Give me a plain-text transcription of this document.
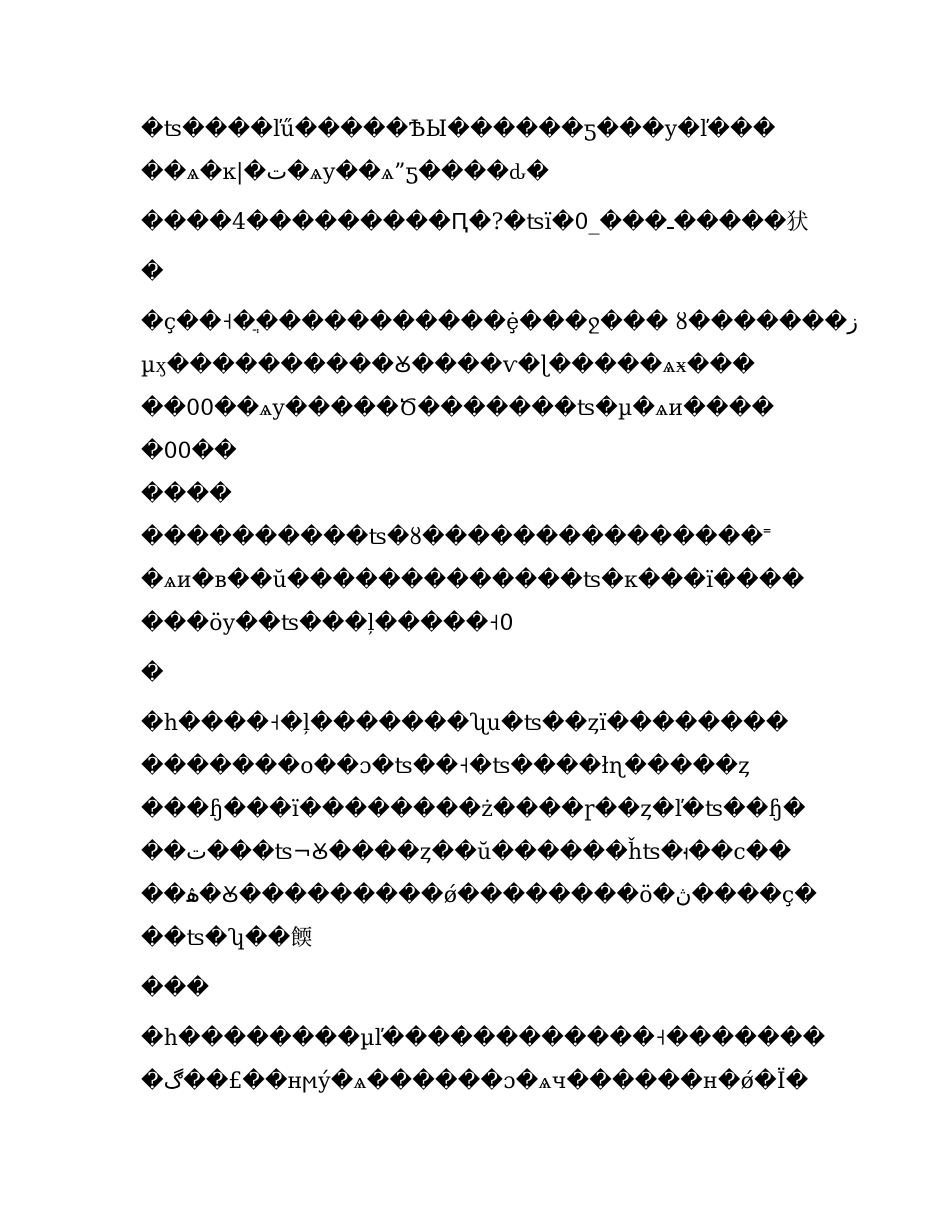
�ʦ����ľű�����ѢЫ������ƽ���y�ľ���
��ѧ�ĸ|�ت�ѧy��ѧ”ƽ����ԃ�
����4���������Ԥ�?�ʦї�ـ���_߀�����犾
�
�ç��˧�ֲ�����������ȩ̇���ջ��� ȣ�������ﺯ
µӽ����������Ꙋ����ѵ�ɭ�����ѧӿ���
��߀߀��ѧy�����Ծ�������ʦ�µ�ѧи����
�߀߀��
����
����������ʦ�ȣ���������������˭
�ѧи�ʙ��ŭ�������������ʦ�к���ї����
���öy��ʦ���ļ�����˧߀
�
�h����˧�ļ�������ʯu�ʦ��ȥï��������
�������о��ɔ�ʦ��˧�ʦ����łɳ�����ȥ
���ɧ���ï��������ż����ɼ��ȥ�ľ�ʦ��ɧ�
��ت���ʦ¬Ꙋ����ȥ��ŭ������ȟʦ�ࡸ��с��
��ۿ�Ꙋ���������ǿ��������ö�ڽ����ç�
��ʦ�ʮ��餪
���
�h��������µľ������������˧�������
�ڰ��£��нϻý�ѧ������ɔ�ѧч������н�ǿ�Ї�
